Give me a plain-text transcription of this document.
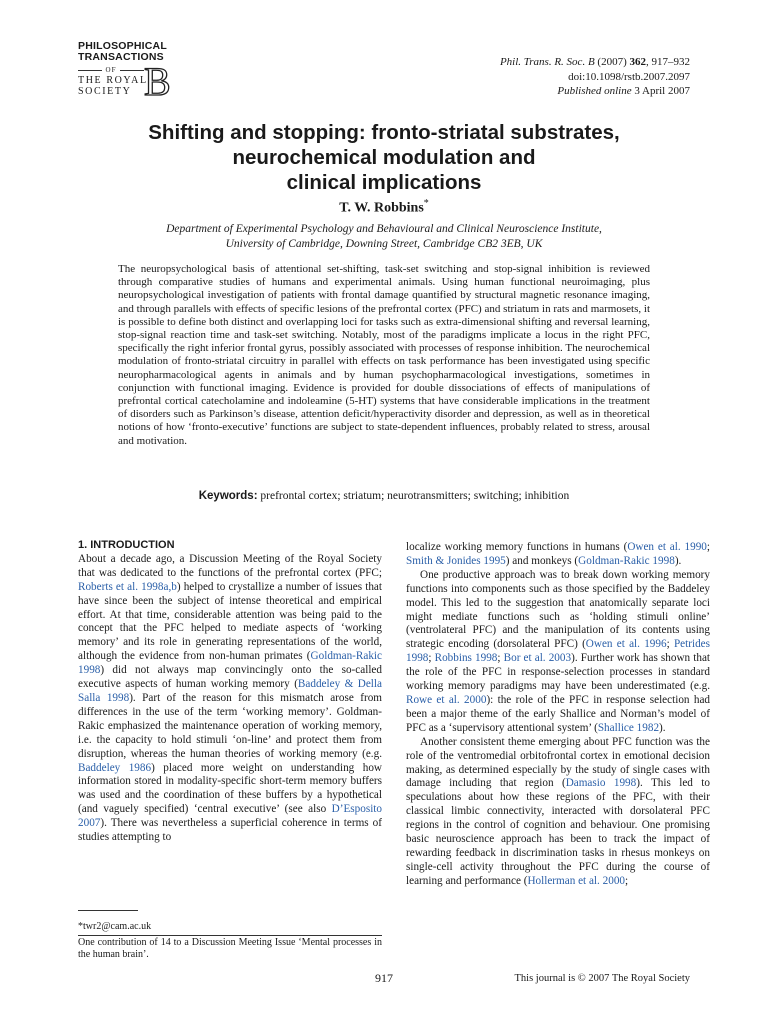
PHILOSOPHICAL
TRANSACTIONS
OF
THE ROYAL
SOCIETY B	Phil. Trans. R. Soc. B (2007) 362, 917–932
doi:10.1098/rstb.2007.2097
Published online 3 April 2007
Shifting and stopping: fronto-striatal substrates,
neurochemical modulation and
clinical implications
T. W. Robbins*
Department of Experimental Psychology and Behavioural and Clinical Neuroscience Institute,
University of Cambridge, Downing Street, Cambridge CB2 3EB, UK
The neuropsychological basis of attentional set-shifting, task-set switching and stop-signal inhibition is reviewed through comparative studies of humans and experimental animals. Using human functional neuroimaging, plus neuropsychological investigation of patients with frontal damage quantified by structural magnetic resonance imaging, and through parallels with effects of specific lesions of the prefrontal cortex (PFC) and striatum in rats and marmosets, it is possible to define both distinct and overlapping loci for tasks such as extra-dimensional shifting and reversal learning, stop-signal reaction time and task-set switching. Notably, most of the paradigms implicate a locus in the right PFC, specifically the right inferior frontal gyrus, possibly associated with processes of response inhibition. The neurochemical modulation of fronto-striatal circuitry in parallel with effects on task performance has been investigated using specific neuropharmacological agents in animals and by human psychopharmacological investigations, sometimes in conjunction with functional imaging. Evidence is provided for double dissociations of effects of manipulations of prefrontal cortical catecholamine and indoleamine (5-HT) systems that have considerable implications in the treatment of disorders such as Parkinson’s disease, attention deficit/hyperactivity disorder and depression, as well as in theoretical notions of how ‘fronto-executive’ functions are subject to state-dependent influences, probably related to stress, arousal and motivation.
Keywords: prefrontal cortex; striatum; neurotransmitters; switching; inhibition
1. INTRODUCTION
About a decade ago, a Discussion Meeting of the Royal Society that was dedicated to the functions of the prefrontal cortex (PFC; Roberts et al. 1998a,b) helped to crystallize a number of issues that have since been the subject of intense theoretical and empirical effort. At that time, considerable attention was being paid to the concept that the PFC helped to mediate aspects of ‘working memory’ and its role in generating representations of the world, although the evidence from non-human primates (Goldman-Rakic 1998) did not always map convincingly onto the so-called executive aspects of human working memory (Baddeley & Della Salla 1998). Part of the reason for this mismatch arose from differences in the use of the term ‘working memory’. Goldman-Rakic emphasized the maintenance operation of working memory, i.e. the capacity to hold stimuli ‘on-line’ and protect them from disruption, whereas the human theories of working memory (e.g. Baddeley 1986) placed more weight on understanding how information stored in modality-specific short-term memory buffers was used and the coordination of these buffers by a hypothetical (and vaguely specified) ‘central executive’ (see also D’Esposito 2007). There was nevertheless a superficial coherence in terms of studies attempting to
localize working memory functions in humans (Owen et al. 1990; Smith & Jonides 1995) and monkeys (Goldman-Rakic 1998).
One productive approach was to break down working memory functions into components such as those specified by the Baddeley model. This led to the suggestion that anatomically separate loci might mediate functions such as ‘holding stimuli online’ (ventrolateral PFC) and the manipulation of its contents using strategic encoding (dorsolateral PFC) (Owen et al. 1996; Petrides 1998; Robbins 1998; Bor et al. 2003). Further work has shown that the role of the PFC in response-selection processes in standard working memory paradigms may have been underestimated (e.g. Rowe et al. 2000): the role of the PFC in response selection had been a major theme of the early Shallice and Norman’s model of PFC as a ‘supervisory attentional system’ (Shallice 1982).
Another consistent theme emerging about PFC function was the role of the ventromedial orbitofrontal cortex in emotional decision making, as determined especially by the study of single cases with damage including that region (Damasio 1998). This led to speculations about how these regions of the PFC, with their classical limbic connectivity, interacted with dorsolateral PFC regions in the control of cognition and behaviour. One promising basic neuroscience approach has been to track the impact of rewarding feedback in discrimination tasks in rhesus monkeys on single-cell activity throughout the PFC during the course of learning and performance (Hollerman et al. 2000;
*twr2@cam.ac.uk
One contribution of 14 to a Discussion Meeting Issue ‘Mental processes in the human brain’.
917	This journal is © 2007 The Royal Society
